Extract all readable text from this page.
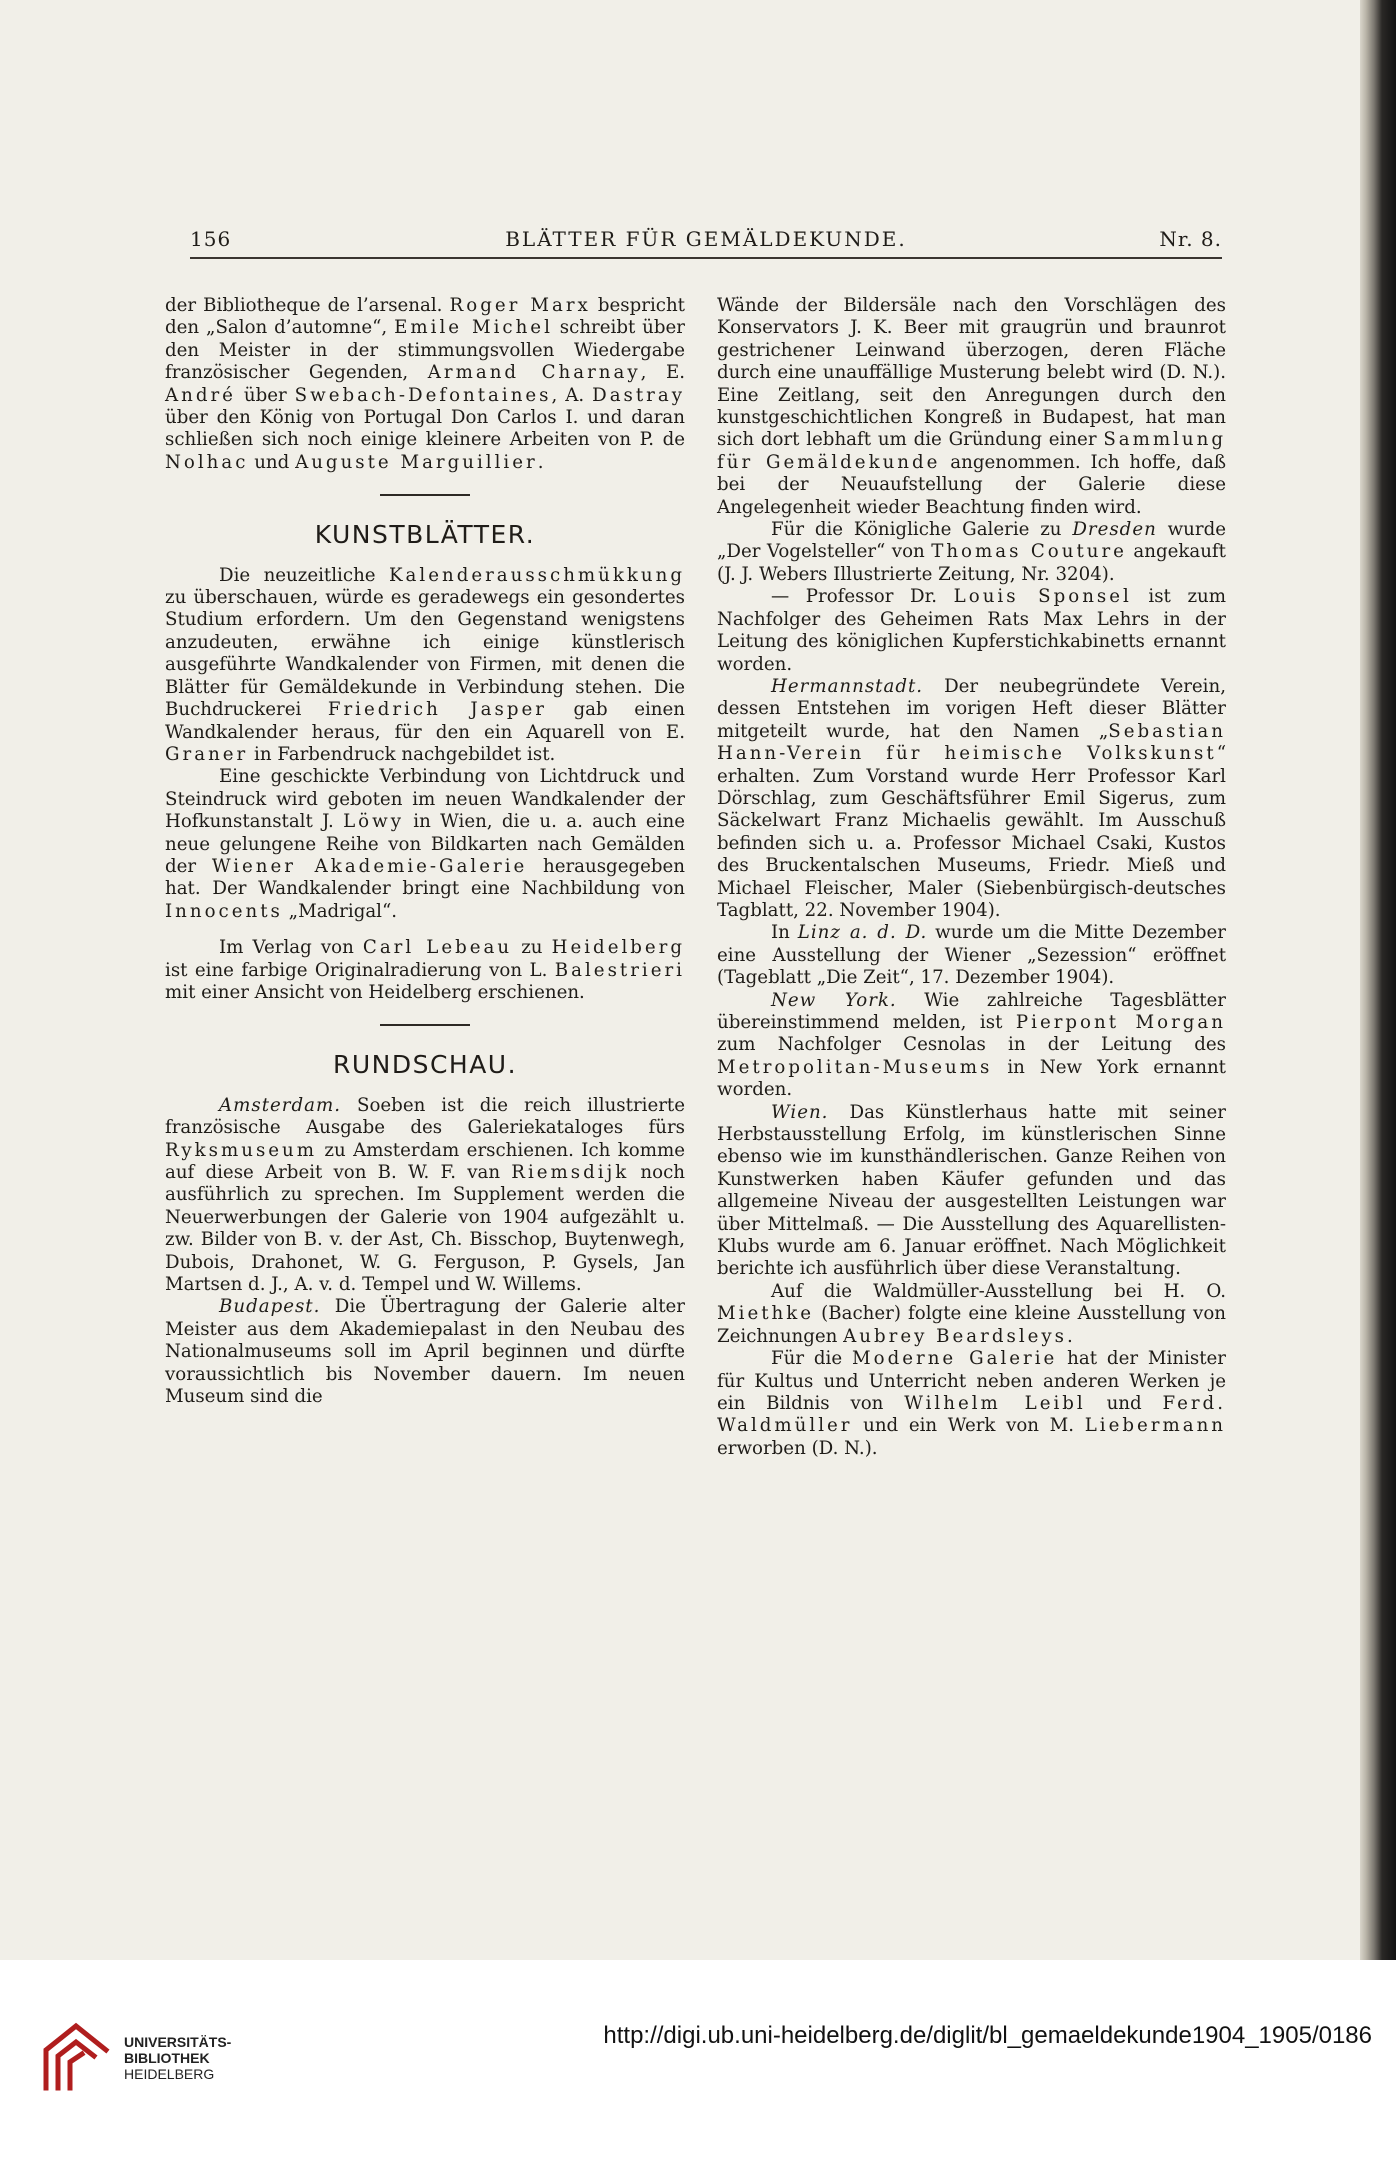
156	BLÄTTER FÜR GEMÄLDEKUNDE.	Nr. 8.

der Bibliotheque de l’arsenal. Roger Marx bespricht den „Salon d’automne“, Emile Michel schreibt über den Meister in der stimmungsvollen Wiedergabe französischer Gegenden, Armand Charnay, E. André über Swebach-Defontaines, A. Dastray über den König von Portugal Don Carlos I. und daran schließen sich noch einige kleinere Arbeiten von P. de Nolhac und Auguste Marguillier.

KUNSTBLÄTTER.

Die neuzeitliche Kalenderausschmükkung zu überschauen, würde es geradewegs ein gesondertes Studium erfordern. Um den Gegenstand wenigstens anzudeuten, erwähne ich einige künstlerisch ausgeführte Wandkalender von Firmen, mit denen die Blätter für Gemäldekunde in Verbindung stehen. Die Buchdruckerei Friedrich Jasper gab einen Wandkalender heraus, für den ein Aquarell von E. Graner in Farbendruck nachgebildet ist.

Eine geschickte Verbindung von Lichtdruck und Steindruck wird geboten im neuen Wandkalender der Hofkunstanstalt J. Löwy in Wien, die u. a. auch eine neue gelungene Reihe von Bildkarten nach Gemälden der Wiener Akademie-Galerie herausgegeben hat. Der Wandkalender bringt eine Nachbildung von Innocents „Madrigal“.

Im Verlag von Carl Lebeau zu Heidelberg ist eine farbige Originalradierung von L. Balestrieri mit einer Ansicht von Heidelberg erschienen.

RUNDSCHAU.

Amsterdam. Soeben ist die reich illustrierte französische Ausgabe des Galeriekataloges fürs Ryksmuseum zu Amsterdam erschienen. Ich komme auf diese Arbeit von B. W. F. van Riemsdijk noch ausführlich zu sprechen. Im Supplement werden die Neuerwerbungen der Galerie von 1904 aufgezählt u. zw. Bilder von B. v. der Ast, Ch. Bisschop, Buytenwegh, Dubois, Drahonet, W. G. Ferguson, P. Gysels, Jan Martsen d. J., A. v. d. Tempel und W. Willems.

Budapest. Die Übertragung der Galerie alter Meister aus dem Akademiepalast in den Neubau des Nationalmuseums soll im April beginnen und dürfte voraussichtlich bis November dauern. Im neuen Museum sind die

Wände der Bildersäle nach den Vorschlägen des Konservators J. K. Beer mit graugrün und braunrot gestrichener Leinwand überzogen, deren Fläche durch eine unauffällige Musterung belebt wird (D. N.). Eine Zeitlang, seit den Anregungen durch den kunstgeschichtlichen Kongreß in Budapest, hat man sich dort lebhaft um die Gründung einer Sammlung für Gemäldekunde angenommen. Ich hoffe, daß bei der Neuaufstellung der Galerie diese Angelegenheit wieder Beachtung finden wird.

Für die Königliche Galerie zu Dresden wurde „Der Vogelsteller“ von Thomas Couture angekauft (J. J. Webers Illustrierte Zeitung, Nr. 3204).

— Professor Dr. Louis Sponsel ist zum Nachfolger des Geheimen Rats Max Lehrs in der Leitung des königlichen Kupferstichkabinetts ernannt worden.

Hermannstadt. Der neubegründete Verein, dessen Entstehen im vorigen Heft dieser Blätter mitgeteilt wurde, hat den Namen „Sebastian Hann-Verein für heimische Volkskunst“ erhalten. Zum Vorstand wurde Herr Professor Karl Dörschlag, zum Geschäftsführer Emil Sigerus, zum Säckelwart Franz Michaelis gewählt. Im Ausschuß befinden sich u. a. Professor Michael Csaki, Kustos des Bruckentalschen Museums, Friedr. Mieß und Michael Fleischer, Maler (Siebenbürgisch-deutsches Tagblatt, 22. November 1904).

In Linz a. d. D. wurde um die Mitte Dezember eine Ausstellung der Wiener „Sezession“ eröffnet (Tageblatt „Die Zeit“, 17. Dezember 1904).

New York. Wie zahlreiche Tagesblätter übereinstimmend melden, ist Pierpont Morgan zum Nachfolger Cesnolas in der Leitung des Metropolitan-Museums in New York ernannt worden.

Wien. Das Künstlerhaus hatte mit seiner Herbstausstellung Erfolg, im künstlerischen Sinne ebenso wie im kunsthändlerischen. Ganze Reihen von Kunstwerken haben Käufer gefunden und das allgemeine Niveau der ausgestellten Leistungen war über Mittelmaß. — Die Ausstellung des Aquarellisten-Klubs wurde am 6. Januar eröffnet. Nach Möglichkeit berichte ich ausführlich über diese Veranstaltung.

Auf die Waldmüller-Ausstellung bei H. O. Miethke (Bacher) folgte eine kleine Ausstellung von Zeichnungen Aubrey Beardsleys.

Für die Moderne Galerie hat der Minister für Kultus und Unterricht neben anderen Werken je ein Bildnis von Wilhelm Leibl und Ferd. Waldmüller und ein Werk von M. Liebermann erworben (D. N.).

UNIVERSITÄTS-
BIBLIOTHEK
HEIDELBERG
http://digi.ub.uni-heidelberg.de/diglit/bl_gemaeldekunde1904_1905/0186
